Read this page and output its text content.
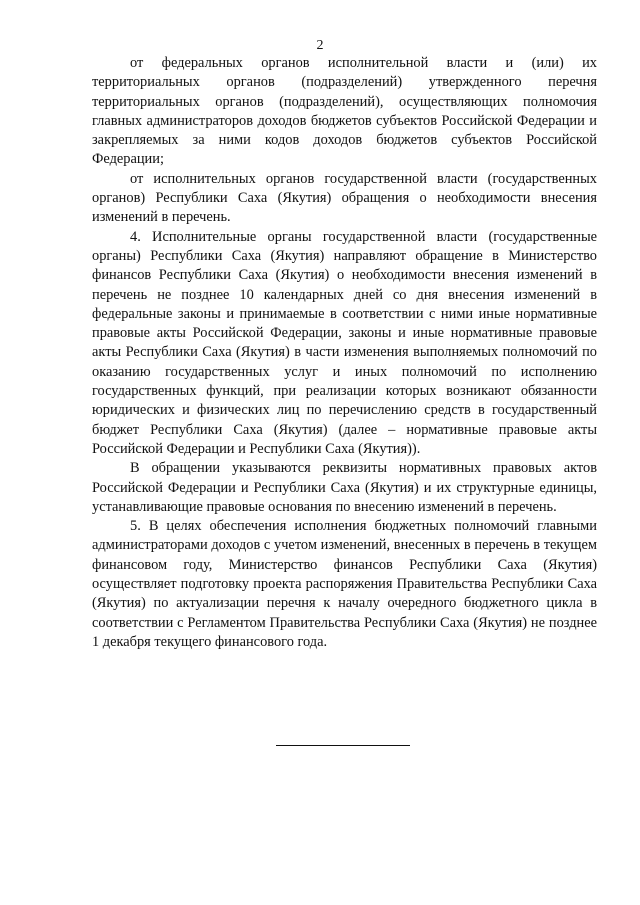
2

от федеральных органов исполнительной власти и (или) их территориальных органов (подразделений) утвержденного перечня территориальных органов (подразделений), осуществляющих полномочия главных администраторов доходов бюджетов субъектов Российской Федерации и закрепляемых за ними кодов доходов бюджетов субъектов Российской Федерации;

от исполнительных органов государственной власти (государственных органов) Республики Саха (Якутия) обращения о необходимости внесения изменений в перечень.

4. Исполнительные органы государственной власти (государственные органы) Республики Саха (Якутия) направляют обращение в Министерство финансов Республики Саха (Якутия) о необходимости внесения изменений в перечень не позднее 10 календарных дней со дня внесения изменений в федеральные законы и принимаемые в соответствии с ними иные нормативные правовые акты Российской Федерации, законы и иные нормативные правовые акты Республики Саха (Якутия) в части изменения выполняемых полномочий по оказанию государственных услуг и иных полномочий по исполнению государственных функций, при реализации которых возникают обязанности юридических и физических лиц по перечислению средств в государственный бюджет Республики Саха (Якутия) (далее – нормативные правовые акты Российской Федерации и Республики Саха (Якутия)).

В обращении указываются реквизиты нормативных правовых актов Российской Федерации и Республики Саха (Якутия) и их структурные единицы, устанавливающие правовые основания по внесению изменений в перечень.

5. В целях обеспечения исполнения бюджетных полномочий главными администраторами доходов с учетом изменений, внесенных в перечень в текущем финансовом году, Министерство финансов Республики Саха (Якутия) осуществляет подготовку проекта распоряжения Правительства Республики Саха (Якутия) по актуализации перечня к началу очередного бюджетного цикла в соответствии с Регламентом Правительства Республики Саха (Якутия) не позднее 1 декабря текущего финансового года.
